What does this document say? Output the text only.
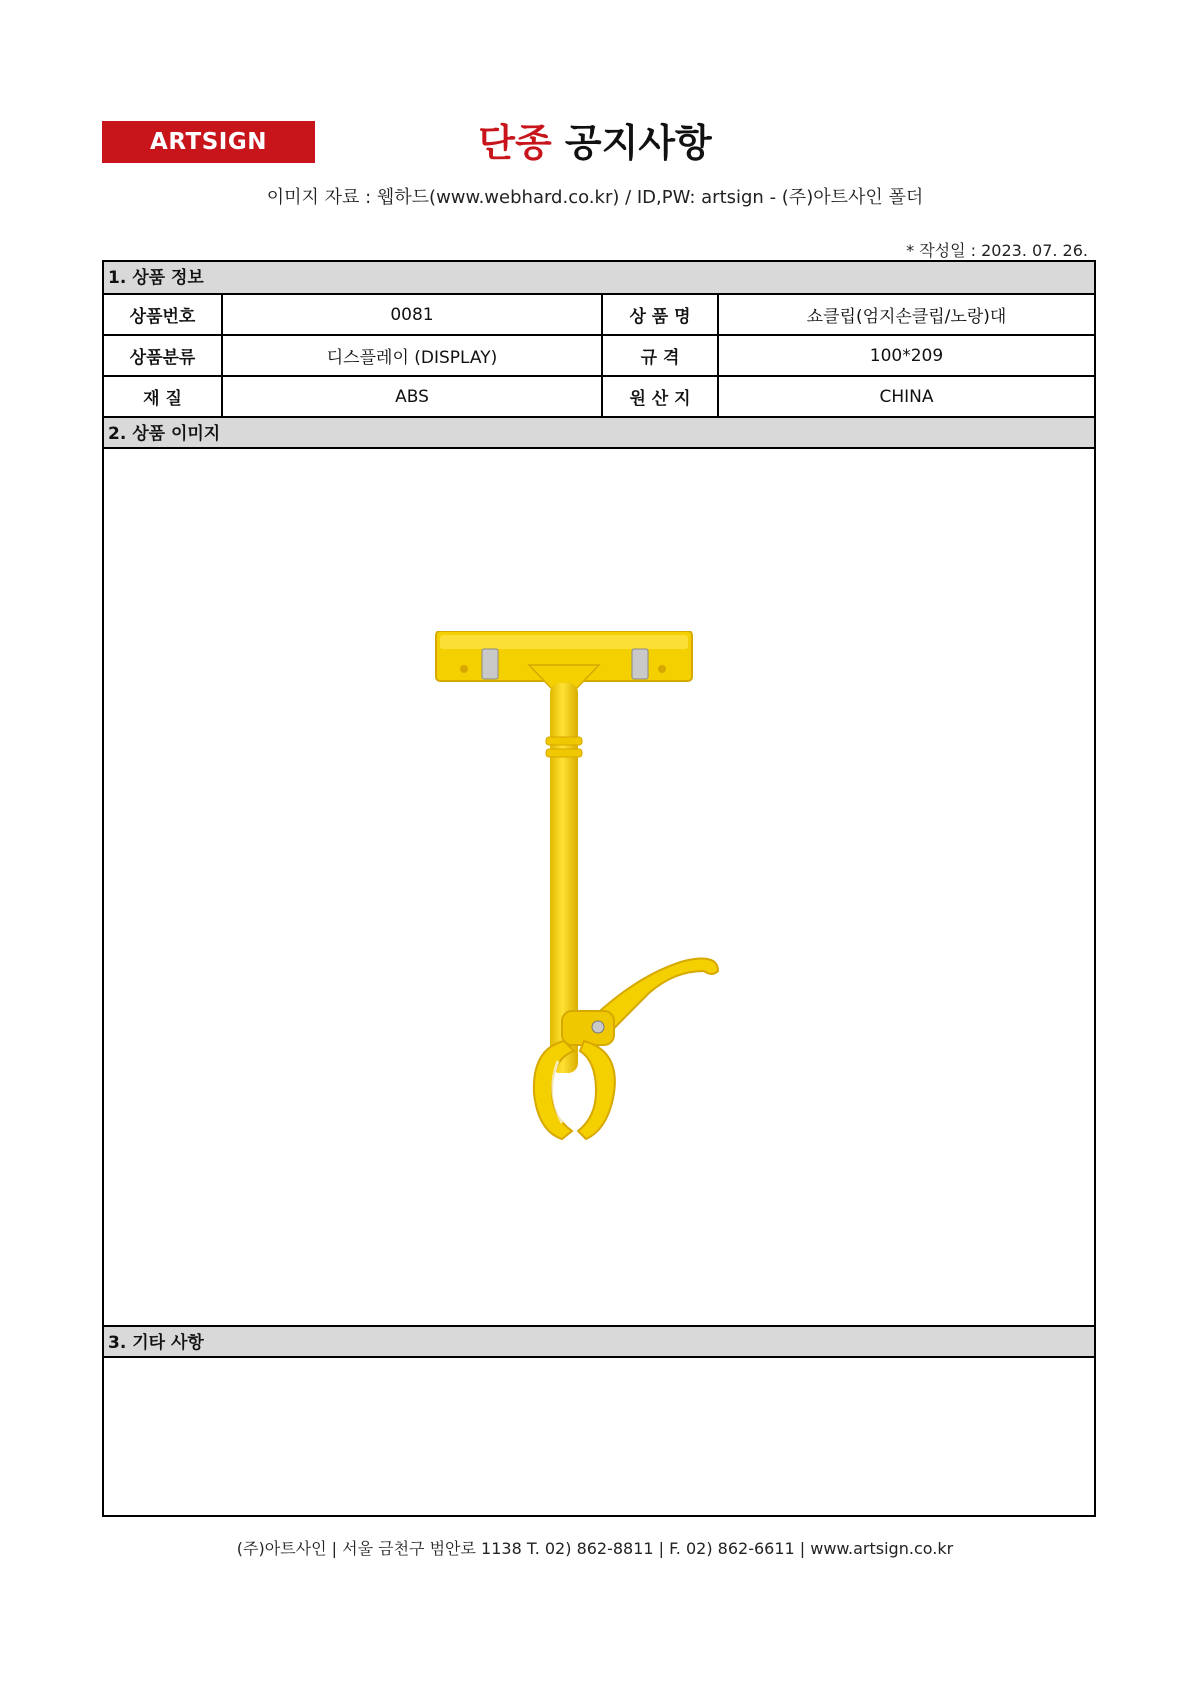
ARTSIGN	단종 공지사항
이미지 자료 : 웹하드(www.webhard.co.kr) / ID,PW: artsign - (주)아트사인 폴더
* 작성일 : 2023. 07. 26.
1. 상품 정보
상품번호	0081	상 품 명	쇼클립(엄지손클립/노랑)대
상품분류	디스플레이 (DISPLAY)	규 격	100*209
재 질	ABS	원 산 지	CHINA
2. 상품 이미지
3. 기타 사항
(주)아트사인 | 서울 금천구 범안로 1138 T. 02) 862-8811 | F. 02) 862-6611 | www.artsign.co.kr
